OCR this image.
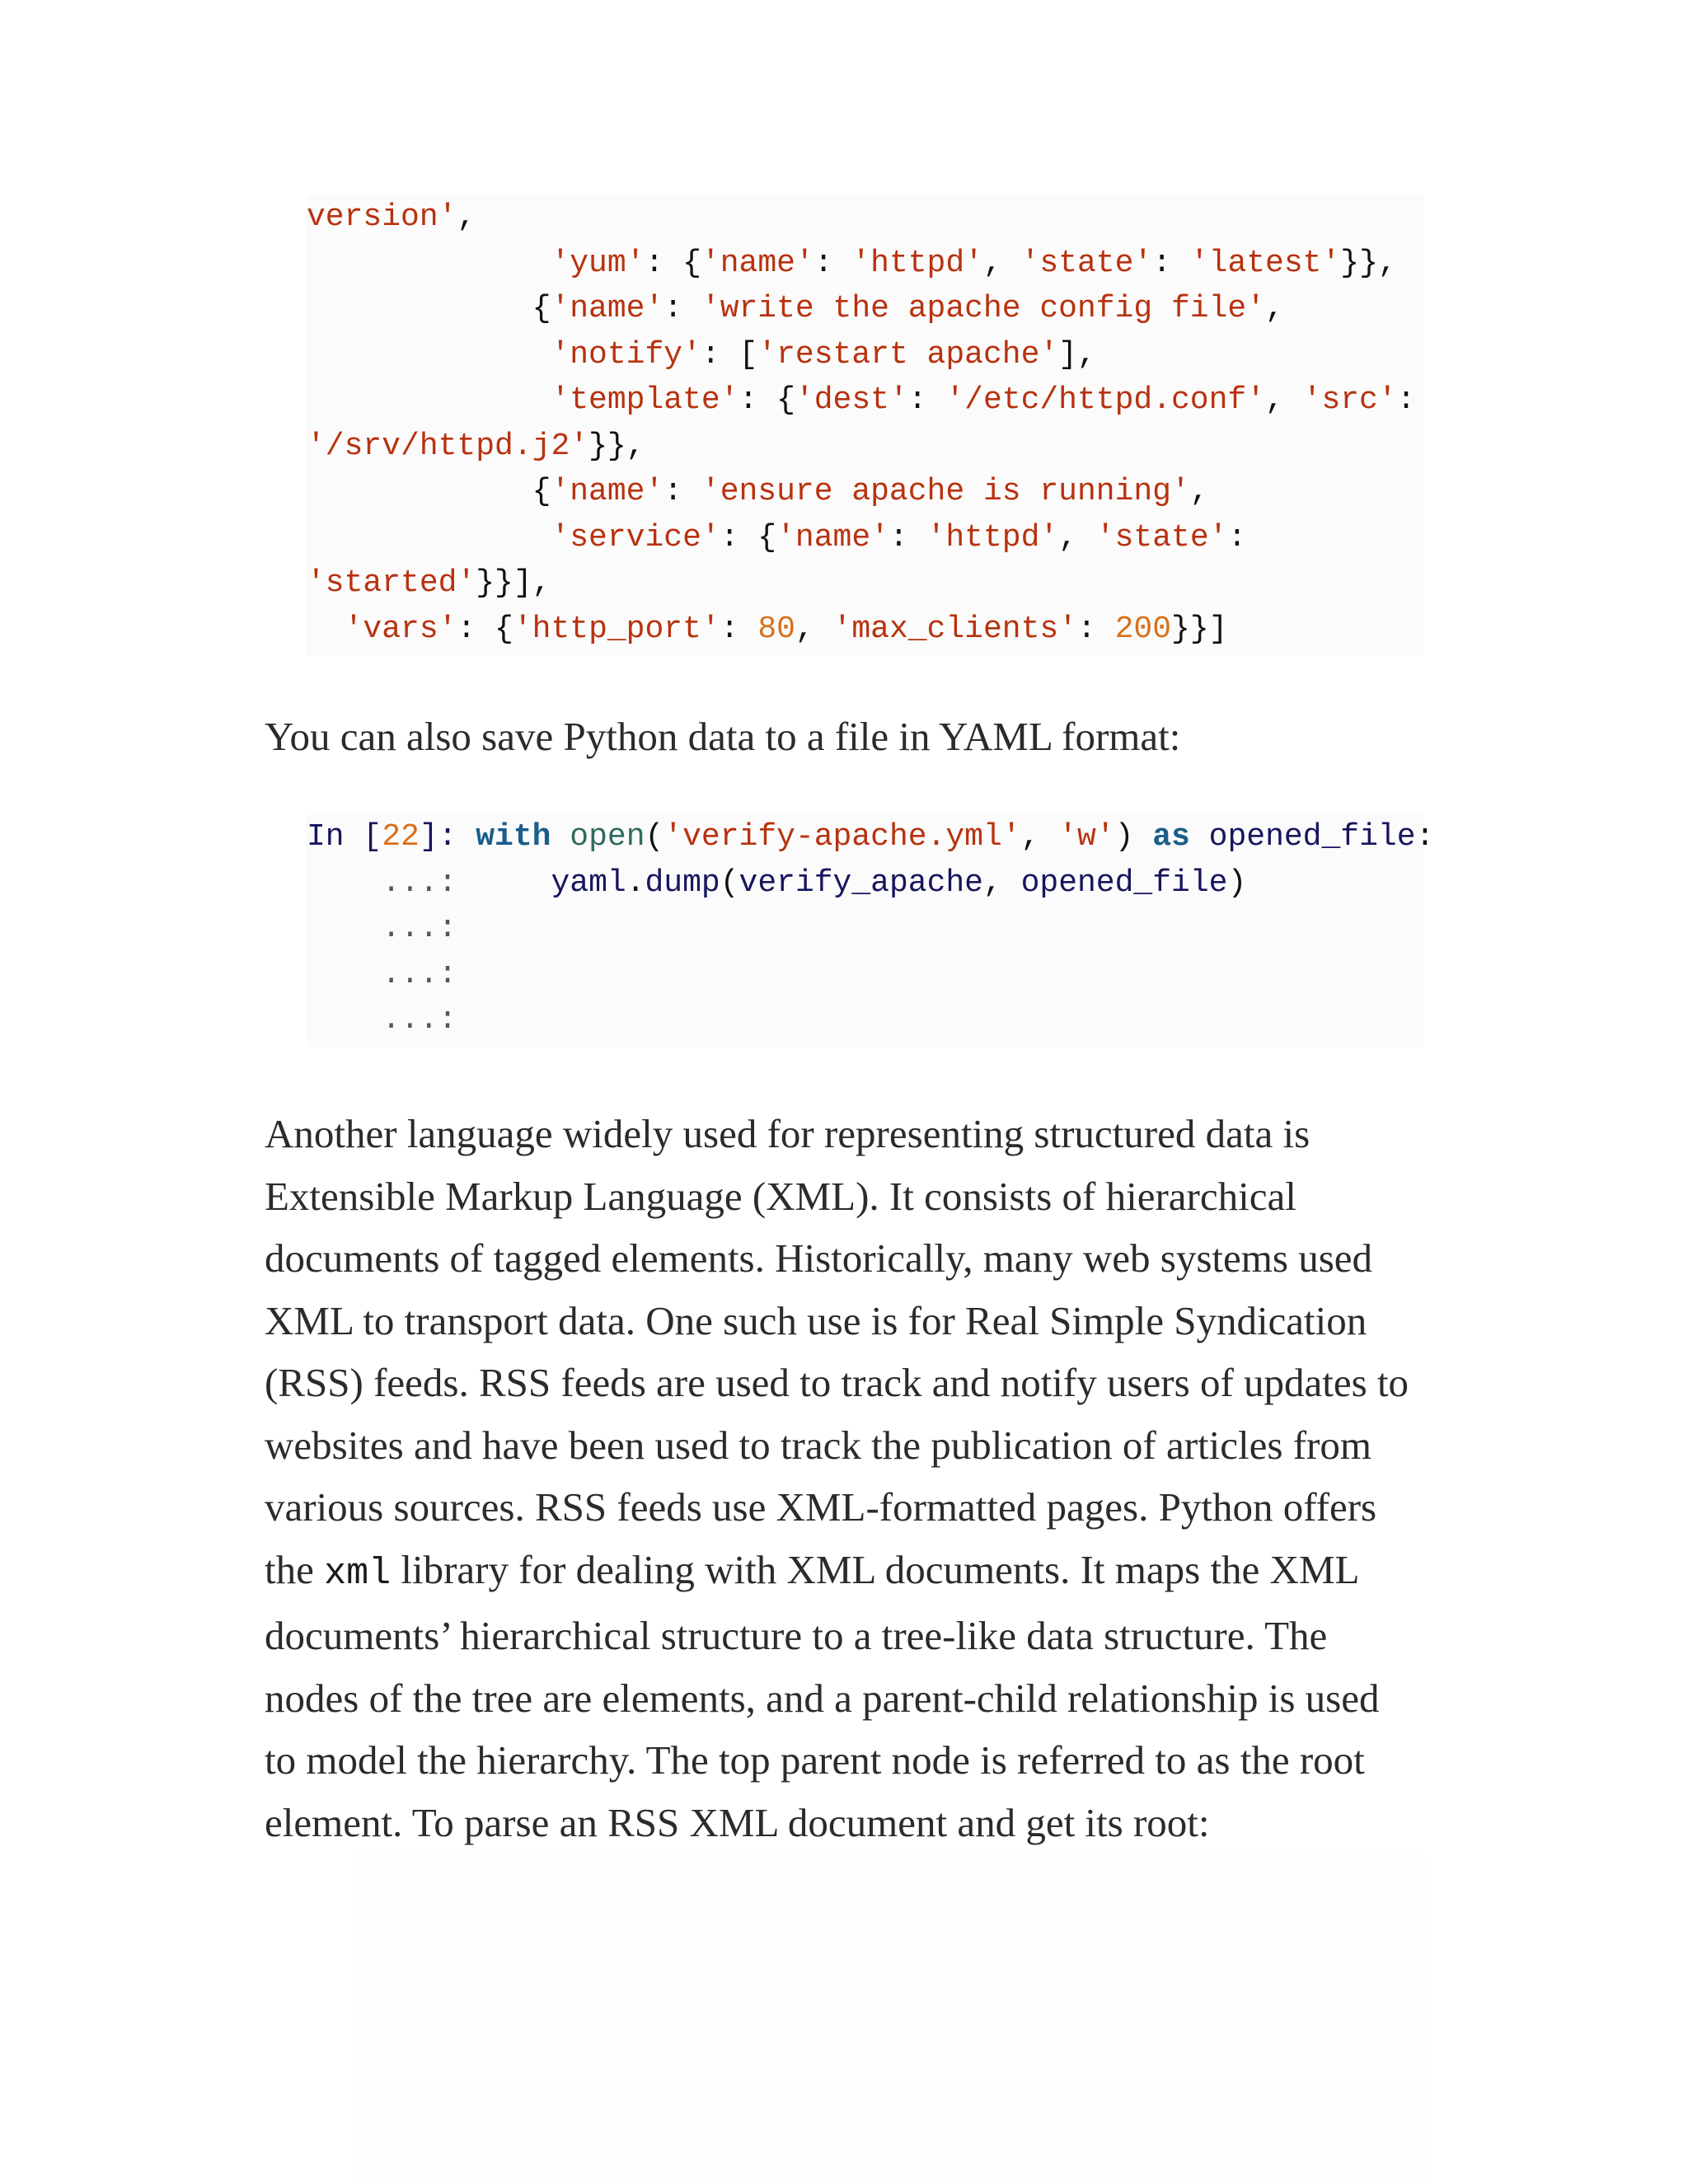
version',
'yum': {'name': 'httpd', 'state': 'latest'}},
{'name': 'write the apache config file',
'notify': ['restart apache'],
'template': {'dest': '/etc/httpd.conf', 'src':
'/srv/httpd.j2'}},
{'name': 'ensure apache is running',
'service': {'name': 'httpd', 'state':
'started'}}],
'vars': {'http_port': 80, 'max_clients': 200}}]
You can also save Python data to a file in YAML format:
In [22]: with open('verify-apache.yml', 'w') as opened_file:
...:	yaml.dump(verify_apache, opened_file)
...:
...:
...:
Another language widely used for representing structured data is Extensible Markup Language (XML). It consists of hierarchical documents of tagged elements. Historically, many web systems used XML to transport data. One such use is for Real Simple Syndication (RSS) feeds. RSS feeds are used to track and notify users of updates to websites and have been used to track the publication of articles from various sources. RSS feeds use XML-formatted pages. Python offers the xml library for dealing with XML documents. It maps the XML documents’ hierarchical structure to a tree-like data structure. The nodes of the tree are elements, and a parent-child relationship is used to model the hierarchy. The top parent node is referred to as the root element. To parse an RSS XML document and get its root:
